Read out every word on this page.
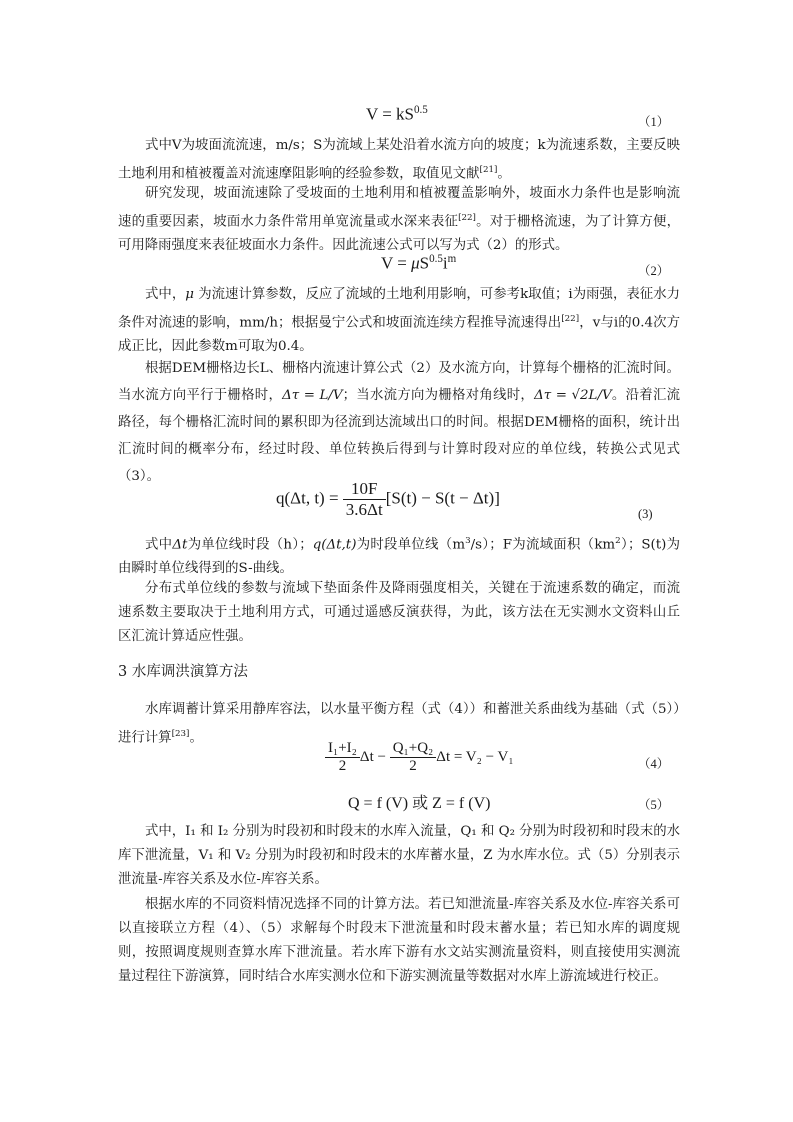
$V = kS^{0.5}$
（1）

式中V为坡面流流速，m/s；S为流域上某处沿着水流方向的坡度；k为流速系数，主要反映土地利用和植被覆盖对流速摩阻影响的经验参数，取值见文献[21]。

研究发现，坡面流速除了受坡面的土地利用和植被覆盖影响外，坡面水力条件也是影响流速的重要因素，坡面水力条件常用单宽流量或水深来表征[22]。对于栅格流速，为了计算方便，可用降雨强度来表征坡面水力条件。因此流速公式可以写为式（2）的形式。

$V = \mu S^{0.5}i^m$
（2）

式中，μ 为流速计算参数，反应了流域的土地利用影响，可参考k取值；i为雨强，表征水力条件对流速的影响，mm/h；根据曼宁公式和坡面流连续方程推导流速得出[22]，v与i的0.4次方成正比，因此参数m可取为0.4。

根据DEM栅格边长L、栅格内流速计算公式（2）及水流方向，计算每个栅格的汇流时间。当水流方向平行于栅格时，Δτ = L/V；当水流方向为栅格对角线时，Δτ = √2L/V。沿着汇流路径，每个栅格汇流时间的累积即为径流到达流域出口的时间。根据DEM栅格的面积，统计出汇流时间的概率分布，经过时段、单位转换后得到与计算时段对应的单位线，转换公式见式（3）。

q(Δt, $t) = \frac{10F}{3.6\Delta t} [S(t) - S(t - \Delta t)]$
(3)

式中Δt为单位线时段（h）；q(Δt,t)为时段单位线$(m^3/s)$；F为流域面积$(km^2)$；S(t)为由瞬时单位线得到的S-曲线。

分布式单位线的参数与流域下垫面条件及降雨强度相关，关键在于流速系数的确定，而流速系数主要取决于土地利用方式，可通过遥感反演获得，为此，该方法在无实测水文资料山丘区汇流计算适应性强。

3 水库调洪演算方法

水库调蓄计算采用静库容法，以水量平衡方程（式（4））和蓄泄关系曲线为基础（式（5））进行计算[23]。

$\frac{\text{I₁+I₂}}{2}$ $\Delta t - \frac{\text{Q₁+Q₂}}{2}$ Δt = V₂ − V₁	（4）
Q = f (V) 或 Z = f (V)	（5）

式中，I₁ 和 I₂ 分别为时段初和时段末的水库入流量，Q₁ 和 Q₂ 分别为时段初和时段末的水库下泄流量，V₁ 和 V₂ 分别为时段初和时段末的水库蓄水量，Z 为水库水位。式（5）分别表示泄流量-库容关系及水位-库容关系。

根据水库的不同资料情况选择不同的计算方法。若已知泄流量-库容关系及水位-库容关系可以直接联立方程（4）、（5）求解每个时段末下泄流量和时段末蓄水量；若已知水库的调度规则，按照调度规则查算水库下泄流量。若水库下游有水文站实测流量资料，则直接使用实测流量过程往下游演算，同时结合水库实测水位和下游实测流量等数据对水库上游流域进行校正。
